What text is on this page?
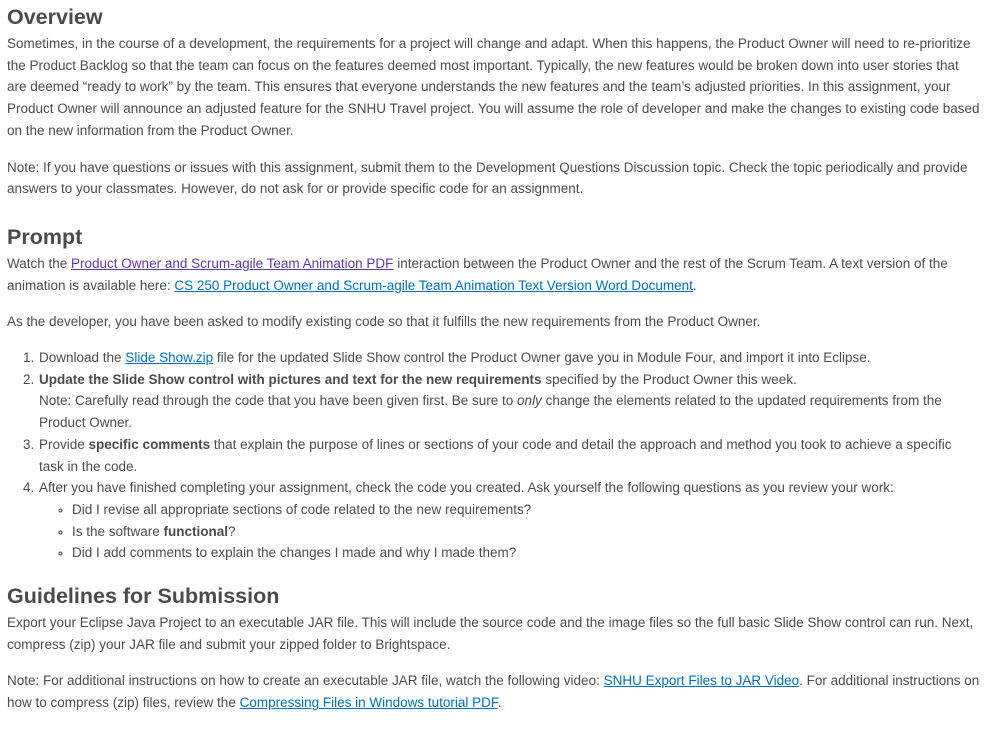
Overview

Sometimes, in the course of a development, the requirements for a project will change and adapt. When this happens, the Product Owner will need to re-prioritize the Product Backlog so that the team can focus on the features deemed most important. Typically, the new features would be broken down into user stories that are deemed “ready to work” by the team. This ensures that everyone understands the new features and the team’s adjusted priorities. In this assignment, your Product Owner will announce an adjusted feature for the SNHU Travel project. You will assume the role of developer and make the changes to existing code based on the new information from the Product Owner.

Note: If you have questions or issues with this assignment, submit them to the Development Questions Discussion topic. Check the topic periodically and provide answers to your classmates. However, do not ask for or provide specific code for an assignment.

Prompt

Watch the Product Owner and Scrum-agile Team Animation PDF interaction between the Product Owner and the rest of the Scrum Team. A text version of the animation is available here: CS 250 Product Owner and Scrum-agile Team Animation Text Version Word Document.

As the developer, you have been asked to modify existing code so that it fulfills the new requirements from the Product Owner.

1. Download the Slide Show.zip file for the updated Slide Show control the Product Owner gave you in Module Four, and import it into Eclipse.
2. Update the Slide Show control with pictures and text for the new requirements specified by the Product Owner this week.
Note: Carefully read through the code that you have been given first. Be sure to only change the elements related to the updated requirements from the Product Owner.
3. Provide specific comments that explain the purpose of lines or sections of your code and detail the approach and method you took to achieve a specific task in the code.
4. After you have finished completing your assignment, check the code you created. Ask yourself the following questions as you review your work:
◦ Did I revise all appropriate sections of code related to the new requirements?
◦ Is the software functional?
◦ Did I add comments to explain the changes I made and why I made them?
Guidelines for Submission

Export your Eclipse Java Project to an executable JAR file. This will include the source code and the image files so the full basic Slide Show control can run. Next, compress (zip) your JAR file and submit your zipped folder to Brightspace.

Note: For additional instructions on how to create an executable JAR file, watch the following video: SNHU Export Files to JAR Video. For additional instructions on how to compress (zip) files, review the Compressing Files in Windows tutorial PDF.
